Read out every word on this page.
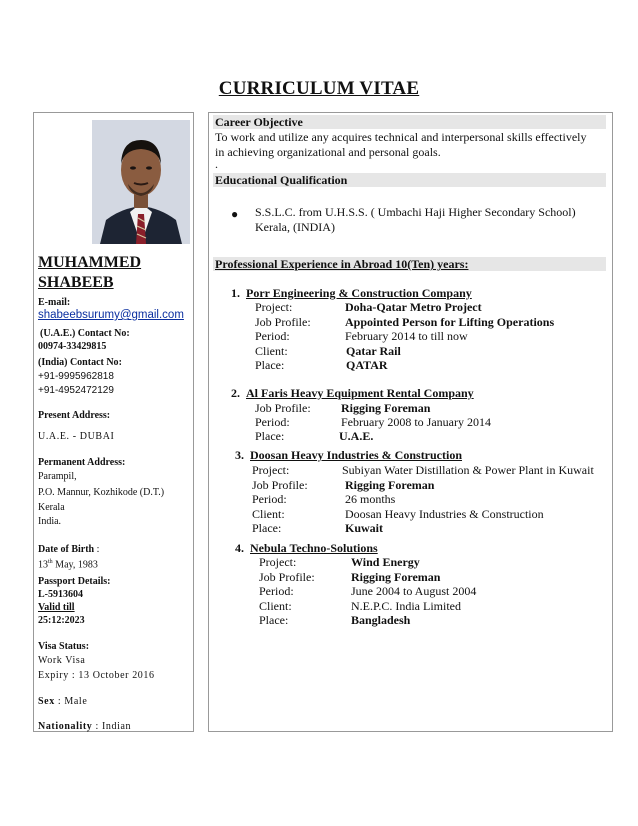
CURRICULUM VITAE
MUHAMMED
SHABEEB
E-mail:
shabeebsurumy@gmail.com
(U.A.E.) Contact No:
00974-33429815
(India) Contact No:
+91-9995962818
+91-4952472129
Present Address:
U.A.E. - DUBAI
Permanent Address:
Parampil,
P.O. Mannur, Kozhikode (D.T.)
Kerala
India.
Date of Birth :
13th May, 1983
Passport Details:
L-5913604
Valid till
25:12:2023
Visa Status:
Work Visa
Expiry : 13 October 2016
Sex : Male
Nationality : Indian
Career Objective
To work and utilize any acquires technical and interpersonal skills effectively
in achieving organizational and personal goals.
.
Educational Qualification
● S.S.L.C. from U.H.S.S. ( Umbachi Haji Higher Secondary School)
Kerala, (INDIA)
Professional Experience in Abroad 10(Ten) years:
1. Porr Engineering & Construction Company
Project:	Doha-Qatar Metro Project
Job Profile:	Appointed Person for Lifting Operations
Period:	February 2014 to till now
Client:	Qatar Rail
Place:	QATAR
2. Al Faris Heavy Equipment Rental Company
Job Profile:	Rigging Foreman
Period:	February 2008 to January 2014
Place:	U.A.E.
3. Doosan Heavy Industries & Construction
Project:	Subiyan Water Distillation & Power Plant in Kuwait
Job Profile:	Rigging Foreman
Period:	26 months
Client:	Doosan Heavy Industries & Construction
Place:	Kuwait
4. Nebula Techno-Solutions
Project:	Wind Energy
Job Profile:	Rigging Foreman
Period:	June 2004 to August 2004
Client:	N.E.P.C. India Limited
Place:	Bangladesh
